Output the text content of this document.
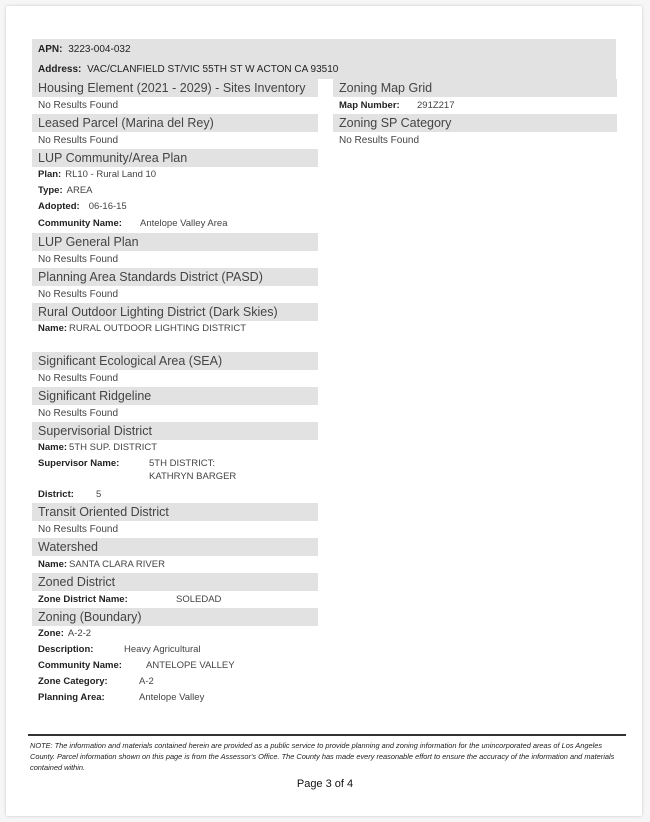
APN: 3223-004-032
Address: VAC/CLANFIELD ST/VIC 55TH ST W ACTON CA 93510
Housing Element (2021 - 2029) - Sites Inventory
No Results Found
Leased Parcel (Marina del Rey)
No Results Found
LUP Community/Area Plan
Plan: RL10 - Rural Land 10
Type: AREA
Adopted: 06-16-15
Community Name: Antelope Valley Area
LUP General Plan
No Results Found
Planning Area Standards District (PASD)
No Results Found
Rural Outdoor Lighting District (Dark Skies)
Name: RURAL OUTDOOR LIGHTING DISTRICT
Significant Ecological Area (SEA)
No Results Found
Significant Ridgeline
No Results Found
Supervisorial District
Name: 5TH SUP. DISTRICT
Supervisor Name:	5TH DISTRICT:
KATHRYN BARGER
District: 5
Transit Oriented District
No Results Found
Watershed
Name: SANTA CLARA RIVER
Zoned District
Zone District Name:	SOLEDAD
Zoning (Boundary)
Zone: A-2-2
Description:	Heavy Agricultural
Community Name:	ANTELOPE VALLEY
Zone Category:	A-2
Planning Area:	Antelope Valley
Zoning Map Grid
Map Number: 291Z217
Zoning SP Category
No Results Found
NOTE: The information and materials contained herein are provided as a public service to provide planning and zoning information for the unincorporated areas of Los Angeles County. Parcel information shown on this page is from the Assessor's Office. The County has made every reasonable effort to ensure the accuracy of the information and materials contained within.
Page 3 of 4
